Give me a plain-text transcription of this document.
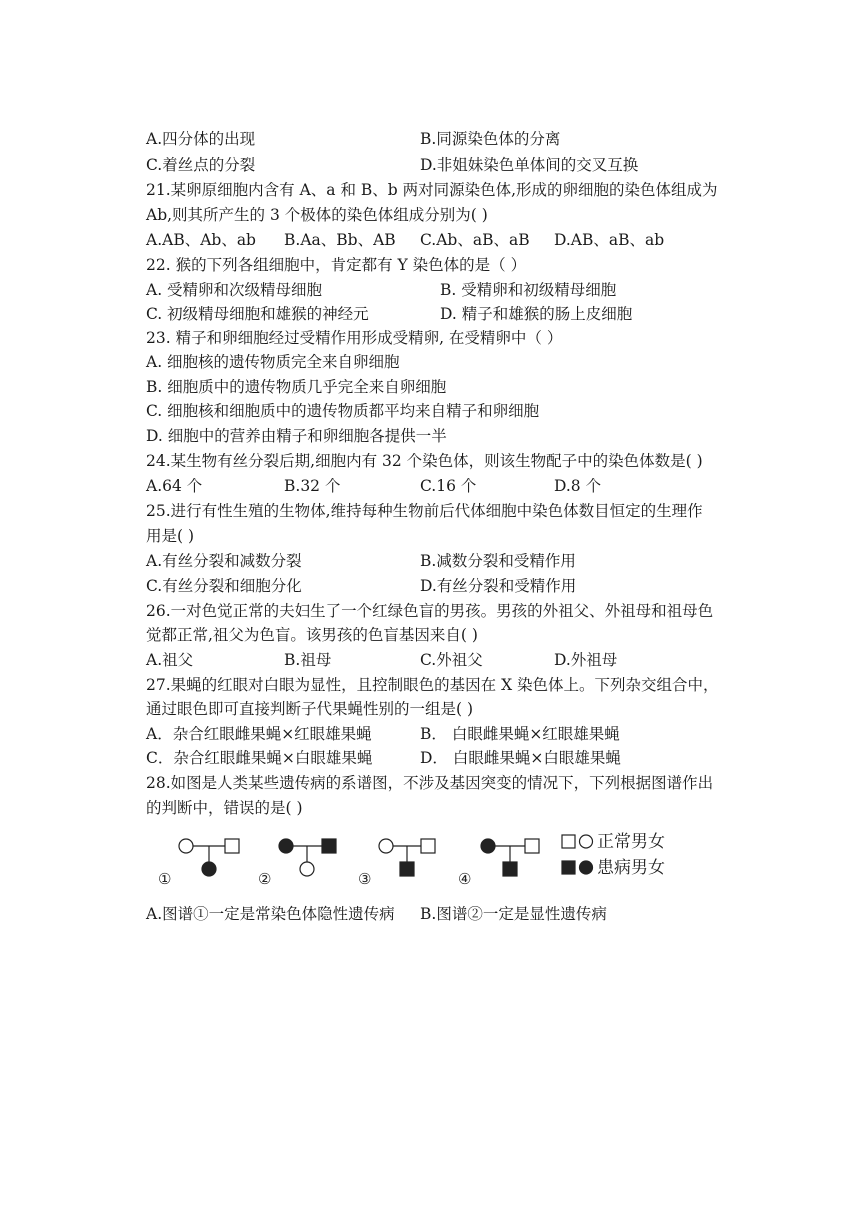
A.四分体的出现	B.同源染色体的分离
C.着丝点的分裂	D.非姐妹染色单体间的交叉互换
21.某卵原细胞内含有 A、a 和 B、b 两对同源染色体,形成的卵细胞的染色体组成为
Ab,则其所产生的 3 个极体的染色体组成分别为( )
A.AB、Ab、ab B.Aa、Bb、AB C.Ab、aB、aB D.AB、aB、ab
22. 猴的下列各组细胞中，肯定都有 Y 染色体的是（ ）
A. 受精卵和次级精母细胞	B. 受精卵和初级精母细胞
C. 初级精母细胞和雄猴的神经元	D. 精子和雄猴的肠上皮细胞
23. 精子和卵细胞经过受精作用形成受精卵, 在受精卵中（ ）
A. 细胞核的遗传物质完全来自卵细胞
B. 细胞质中的遗传物质几乎完全来自卵细胞
C. 细胞核和细胞质中的遗传物质都平均来自精子和卵细胞
D. 细胞中的营养由精子和卵细胞各提供一半
24.某生物有丝分裂后期,细胞内有 32 个染色体，则该生物配子中的染色体数是( )
A.64 个	B.32 个	C.16 个	D.8 个
25.进行有性生殖的生物体,维持每种生物前后代体细胞中染色体数目恒定的生理作
用是( )
A.有丝分裂和减数分裂	B.减数分裂和受精作用
C.有丝分裂和细胞分化	D.有丝分裂和受精作用
26.一对色觉正常的夫妇生了一个红绿色盲的男孩。男孩的外祖父、外祖母和祖母色
觉都正常,祖父为色盲。该男孩的色盲基因来自( )
A.祖父	B.祖母	C.外祖父	D.外祖母
27.果蝇的红眼对白眼为显性，且控制眼色的基因在 X 染色体上。下列杂交组合中，
通过眼色即可直接判断子代果蝇性别的一组是( )
A．杂合红眼雌果蝇×红眼雄果蝇	B． 白眼雌果蝇×红眼雄果蝇
C．杂合红眼雌果蝇×白眼雄果蝇	D． 白眼雌果蝇×白眼雄果蝇
28.如图是人类某些遗传病的系谱图，不涉及基因突变的情况下，下列根据图谱作出
的判断中，错误的是( )
①	②	③	④
正常男女
患病男女
A.图谱①一定是常染色体隐性遗传病 B.图谱②一定是显性遗传病
